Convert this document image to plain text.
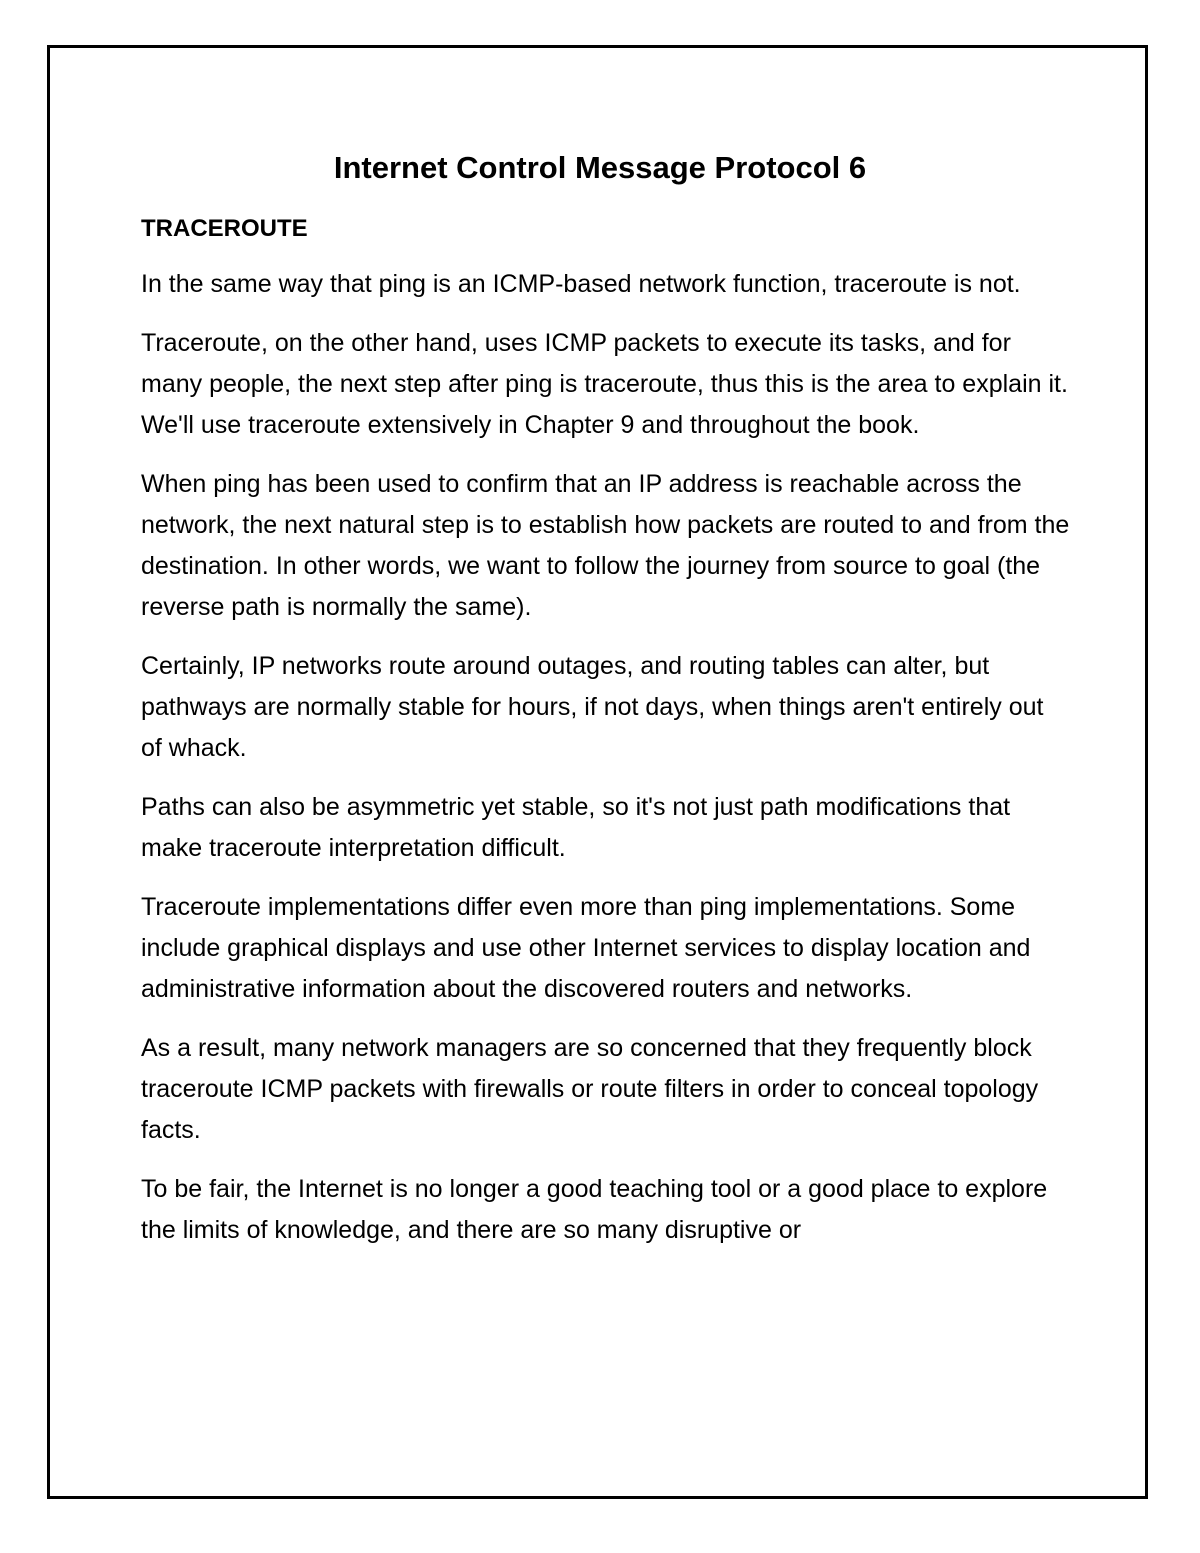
Internet Control Message Protocol 6
TRACEROUTE

In the same way that ping is an ICMP-based network function, traceroute is not.

Traceroute, on the other hand, uses ICMP packets to execute its tasks, and for many people, the next step after ping is traceroute, thus this is the area to explain it. We'll use traceroute extensively in Chapter 9 and throughout the book.

When ping has been used to confirm that an IP address is reachable across the network, the next natural step is to establish how packets are routed to and from the destination. In other words, we want to follow the journey from source to goal (the reverse path is normally the same).

Certainly, IP networks route around outages, and routing tables can alter, but pathways are normally stable for hours, if not days, when things aren't entirely out of whack.

Paths can also be asymmetric yet stable, so it's not just path modifications that make traceroute interpretation difficult.

Traceroute implementations differ even more than ping implementations. Some include graphical displays and use other Internet services to display location and administrative information about the discovered routers and networks.

As a result, many network managers are so concerned that they frequently block traceroute ICMP packets with firewalls or route filters in order to conceal topology facts.

To be fair, the Internet is no longer a good teaching tool or a good place to explore the limits of knowledge, and there are so many disruptive or
